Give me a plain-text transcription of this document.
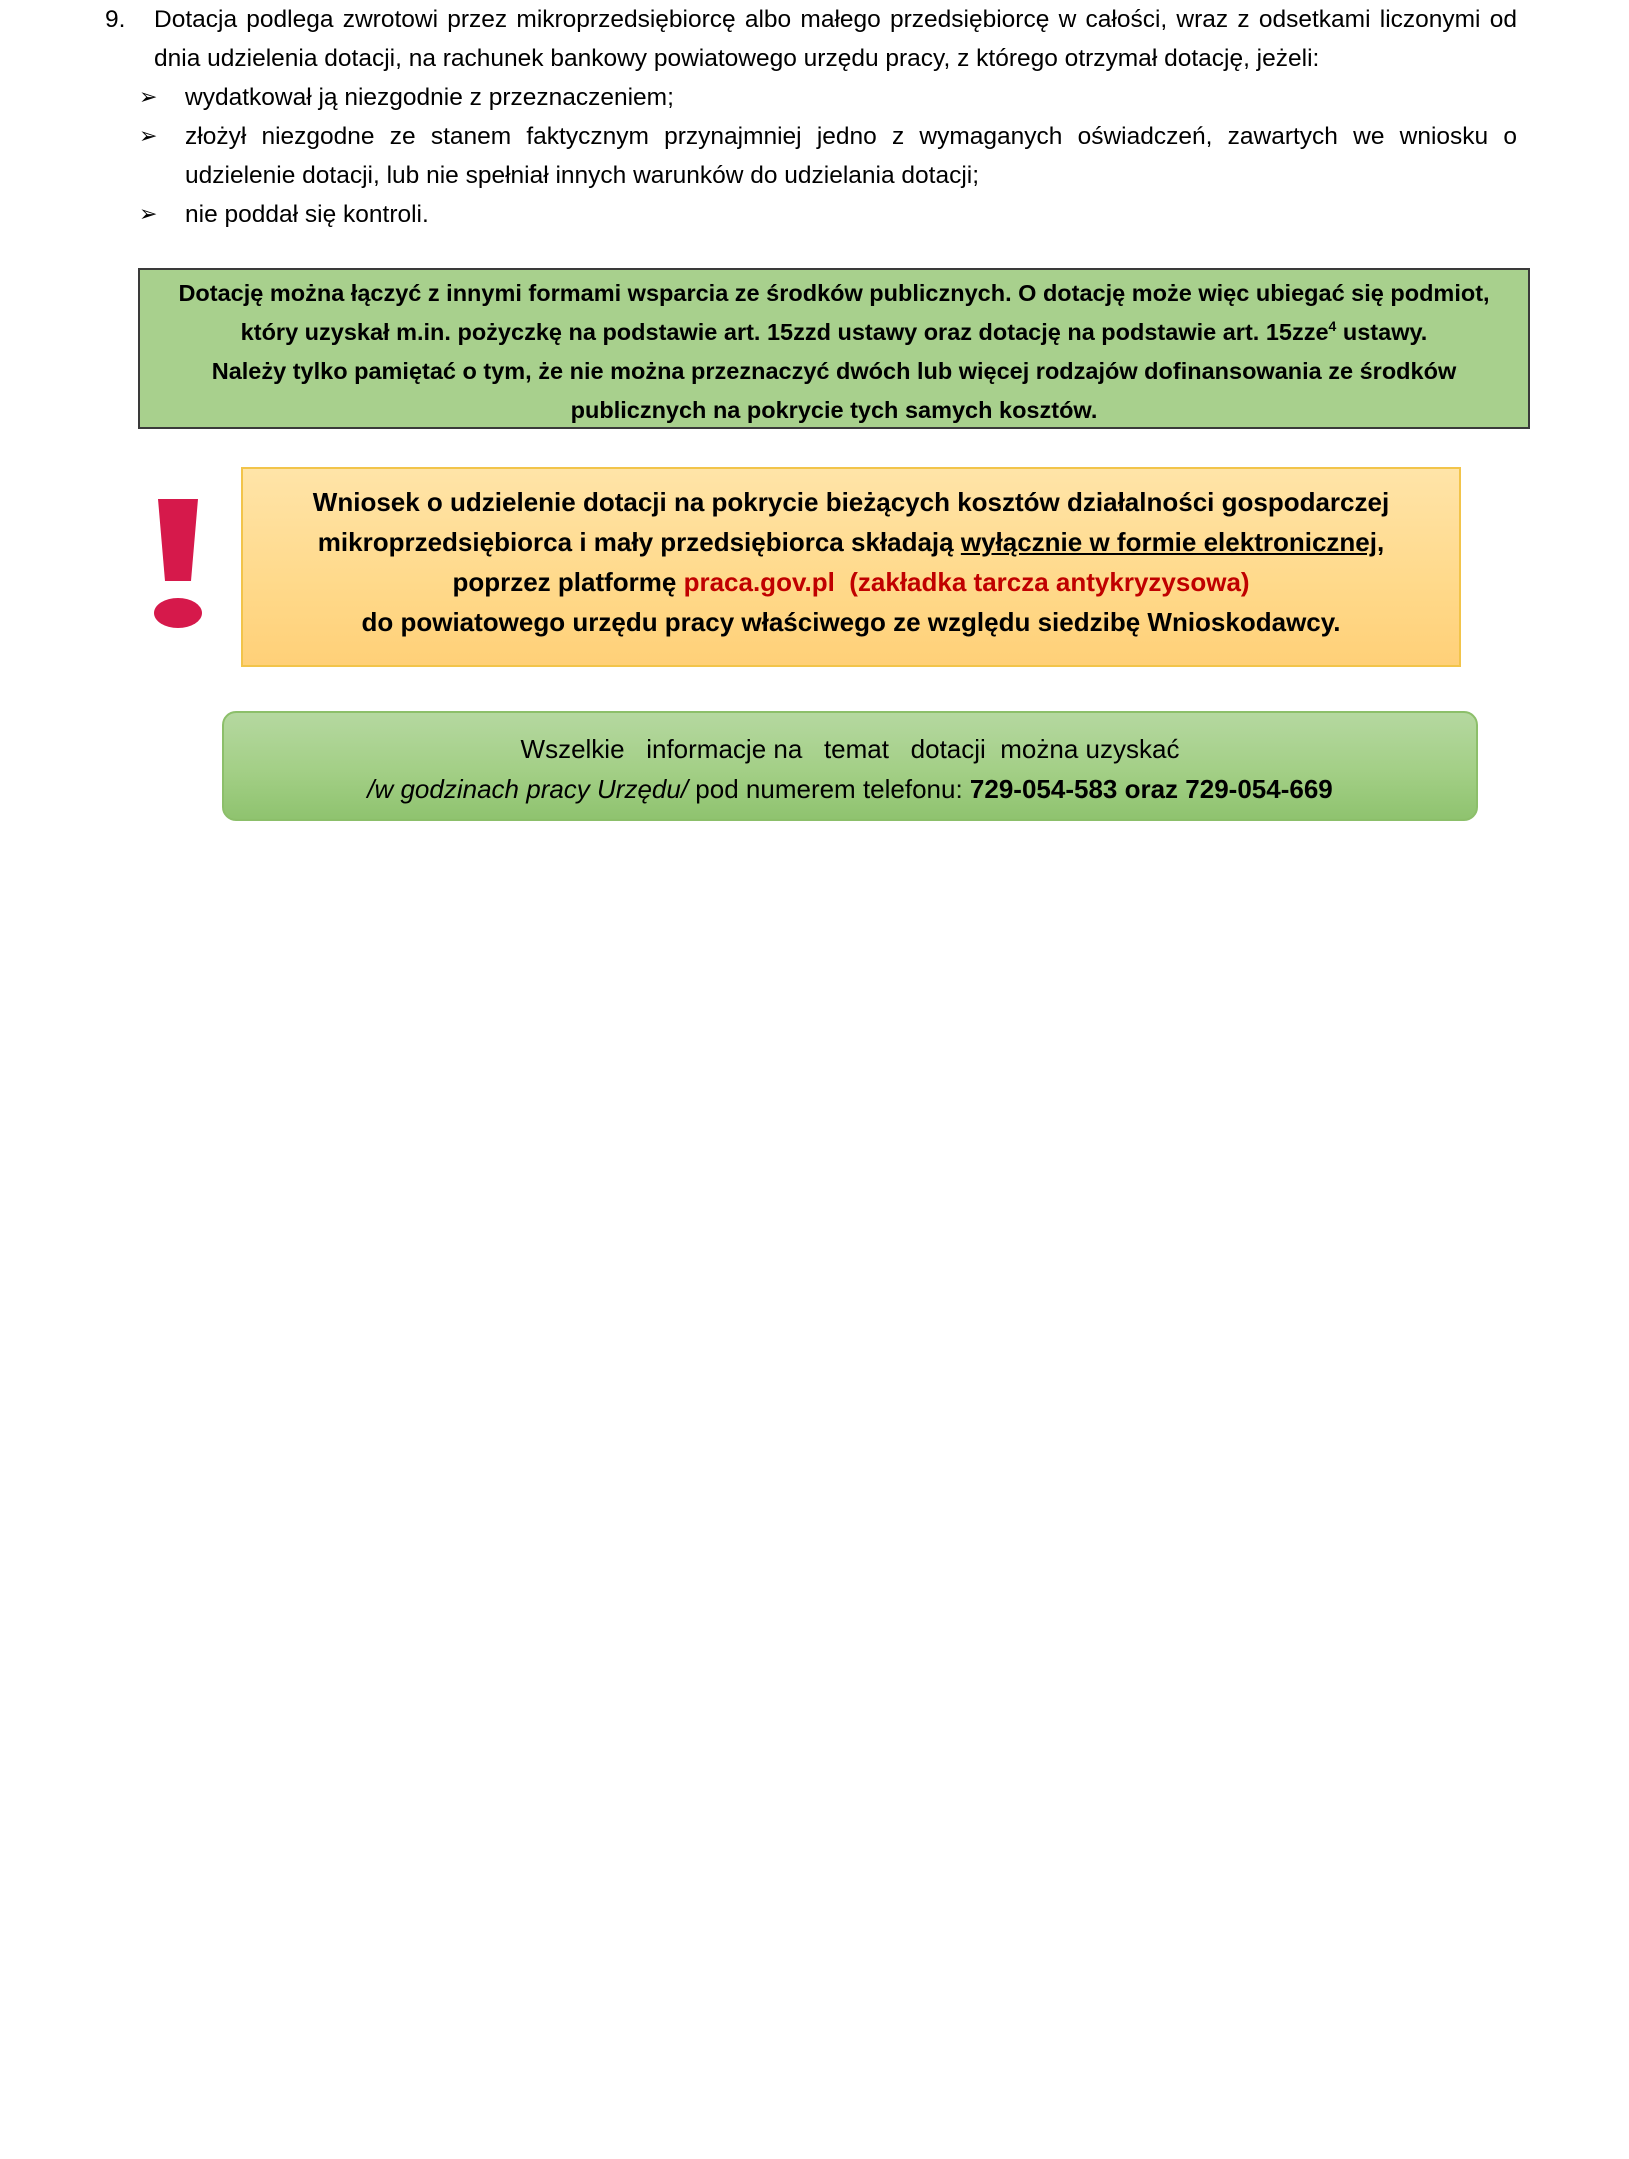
9. Dotacja podlega zwrotowi przez mikroprzedsiębiorcę albo małego przedsiębiorcę w całości, wraz z odsetkami liczonymi od dnia udzielenia dotacji, na rachunek bankowy powiatowego urzędu pracy, z którego otrzymał dotację, jeżeli:
➢ wydatkował ją niezgodnie z przeznaczeniem;
➢ złożył niezgodne ze stanem faktycznym przynajmniej jedno z wymaganych oświadczeń, zawartych we wniosku o udzielenie dotacji, lub nie spełniał innych warunków do udzielania dotacji;
➢ nie poddał się kontroli.
Dotację można łączyć z innymi formami wsparcia ze środków publicznych. O dotację może więc ubiegać się podmiot,
który uzyskał m.in. pożyczkę na podstawie art. 15zzd ustawy oraz dotację na podstawie art. 15zze$^4$ ustawy.
Należy tylko pamiętać o tym, że nie można przeznaczyć dwóch lub więcej rodzajów dofinansowania ze środków
publicznych na pokrycie tych samych kosztów.
Wniosek o udzielenie dotacji na pokrycie bieżących kosztów działalności gospodarczej
mikroprzedsiębiorca i mały przedsiębiorca składają wyłącznie w formie elektronicznej,
poprzez platformę praca.gov.pl  (zakładka tarcza antykryzysowa)
do powiatowego urzędu pracy właściwego ze względu siedzibę Wnioskodawcy.
Wszelkie   informacje na   temat   dotacji  można uzyskać
/w godzinach pracy Urzędu/ pod numerem telefonu: 729-054-583 oraz 729-054-669
